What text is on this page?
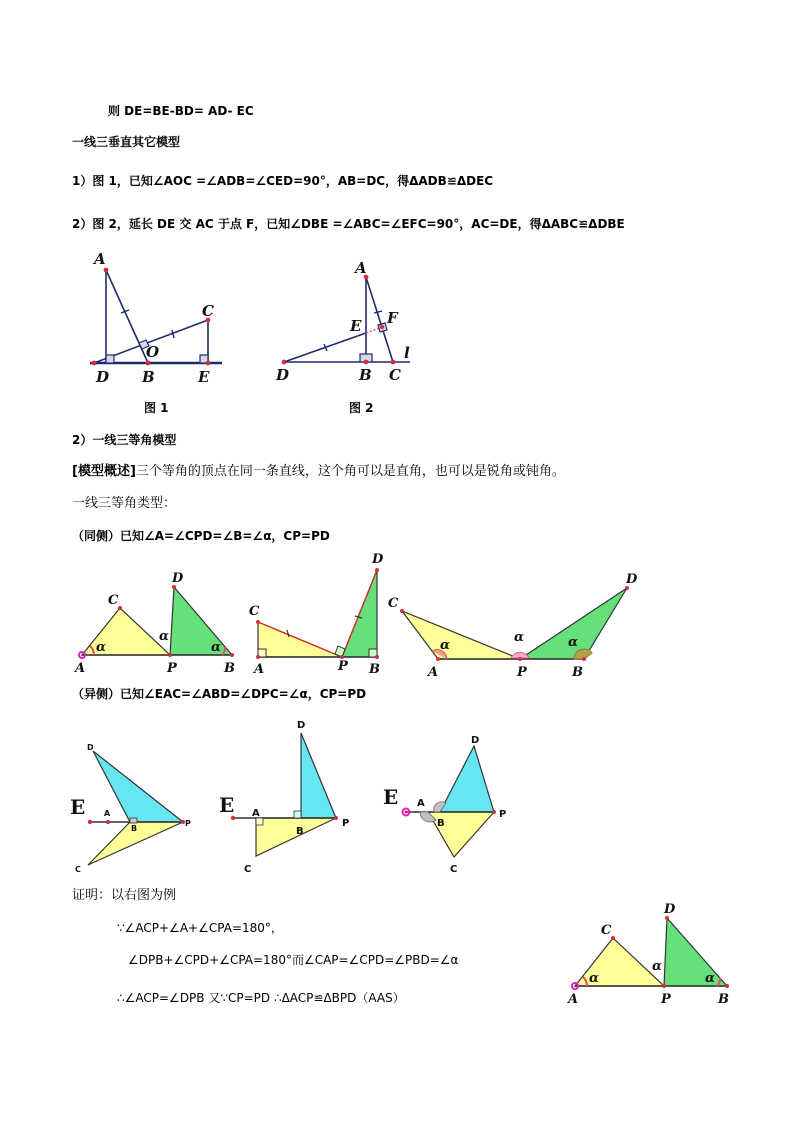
则 DE=BE-BD= AD- EC
一线三垂直其它模型
1）图 1，已知∠AOC =∠ADB=∠CED=90°，AB=DC，得ΔADB≌ΔDEC
2）图 2，延长 DE 交 AC 于点 F，已知∠DBE =∠ABC=∠EFC=90°，AC=DE，得ΔABC≌ΔDBE
A
C
O
D B	E
图 1
A
E F
D	B C
l
图 2
2）一线三等角模型
[模型概述]三个等角的顶点在同一条直线，这个角可以是直角，也可以是锐角或钝角。
一线三等角类型：
（同侧）已知∠A=∠CPD=∠B=∠α，CP=PD
C
D
A	P	B
α
α
α
C
D
A	P B
C
D
A	P	B
α
α	α
（异侧）已知∠EAC=∠ABD=∠DPC=∠α，CP=PD
E
D
A
B
P
C
E
D
A
B
P
C
E
D
A
B
P
C
证明：以右图为例
∵∠ACP+∠A+∠CPA=180°，
∠DPB+∠CPD+∠CPA=180°而∠CAP=∠CPD=∠PBD=∠α
∴∠ACP=∠DPB 又∵CP=PD ∴ΔACP≌ΔBPD（AAS）
C
D
A	P	B
α
α
α
